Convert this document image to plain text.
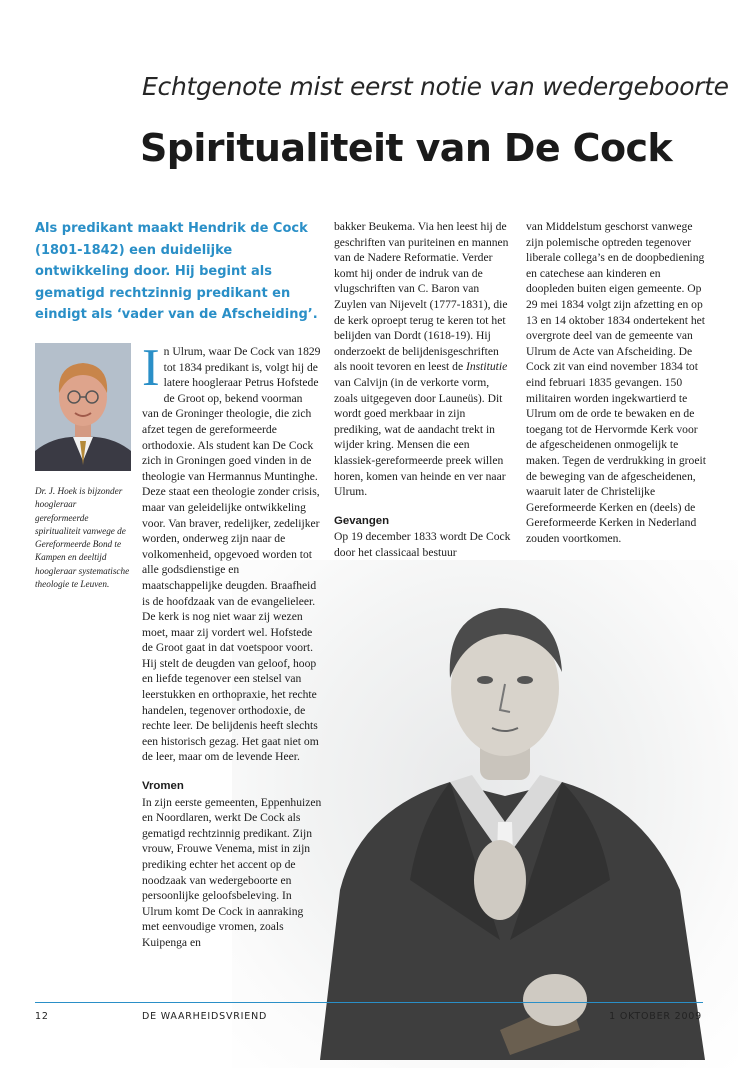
Echtgenote mist eerst notie van wedergeboorte
Spiritualiteit van De Cock

Als predikant maakt Hendrik de Cock (1801-1842) een duidelijke ontwikkeling door. Hij begint als gematigd rechtzinnig predikant en eindigt als ‘vader van de Afscheiding’.

Dr. J. Hoek is bijzonder hoogleraar gereformeerde spiritualiteit vanwege de Gereformeerde Bond te Kampen en deeltijd hoogleraar systematische theologie te Leuven.

In Ulrum, waar De Cock van 1829 tot 1834 predikant is, volgt hij de latere hoogleraar Petrus Hofstede de Groot op, bekend voorman van de Groninger theologie, die zich afzet tegen de gereformeerde orthodoxie. Als student kan De Cock zich in Groningen goed vinden in de theologie van Hermannus Muntinghe. Deze staat een theologie zonder crisis, maar van geleidelijke ontwikkeling voor. Van braver, redelijker, zedelijker worden, onderweg zijn naar de volkomenheid, opgevoed worden tot alle godsdienstige en maatschappelijke deugden. Braafheid is de hoofdzaak van de evangelieleer. De kerk is nog niet waar zij wezen moet, maar zij vordert wel. Hofstede de Groot gaat in dat voetspoor voort. Hij stelt de deugden van geloof, hoop en liefde tegenover een stelsel van leerstukken en orthopraxie, het rechte handelen, tegenover orthodoxie, de rechte leer. De belijdenis heeft slechts een historisch gezag. Het gaat niet om de leer, maar om de levende Heer.

Vromen

In zijn eerste gemeenten, Eppenhuizen en Noordlaren, werkt De Cock als gematigd rechtzinnig predikant. Zijn vrouw, Frouwe Venema, mist in zijn prediking echter het accent op de noodzaak van wedergeboorte en persoonlijke geloofsbeleving. In Ulrum komt De Cock in aanraking met eenvoudige vromen, zoals Kuipenga en

bakker Beukema. Via hen leest hij de geschriften van puriteinen en mannen van de Nadere Reformatie. Verder komt hij onder de indruk van de vlugschriften van C. Baron van Zuylen van Nijevelt (1777-1831), die de kerk oproept terug te keren tot het belijden van Dordt (1618-19). Hij onderzoekt de belijdenisgeschriften als nooit tevoren en leest de Institutie van Calvijn (in de verkorte vorm, zoals uitgegeven door Launeüs). Dit wordt goed merkbaar in zijn prediking, wat de aandacht trekt in wijder kring. Mensen die een klassiek-gereformeerde preek willen horen, komen van heinde en ver naar Ulrum.

Gevangen

Op 19 december 1833 wordt De Cock door het classicaal bestuur

van Middelstum geschorst vanwege zijn polemische optreden tegenover liberale collega’s en de doopbediening en catechese aan kinderen en doopleden buiten eigen gemeente. Op 29 mei 1834 volgt zijn afzetting en op 13 en 14 oktober 1834 ondertekent het overgrote deel van de gemeente van Ulrum de Acte van Afscheiding. De Cock zit van eind november 1834 tot eind februari 1835 gevangen. 150 militairen worden ingekwartierd te Ulrum om de orde te bewaken en de toegang tot de Hervormde Kerk voor de afgescheidenen onmogelijk te maken. Tegen de verdrukking in groeit de beweging van de afgescheidenen, waaruit later de Christelijke Gereformeerde Kerken en (deels) de Gereformeerde Kerken in Nederland zouden voortkomen.

12	DE WAARHEIDSVRIEND	1 OKTOBER 2009
